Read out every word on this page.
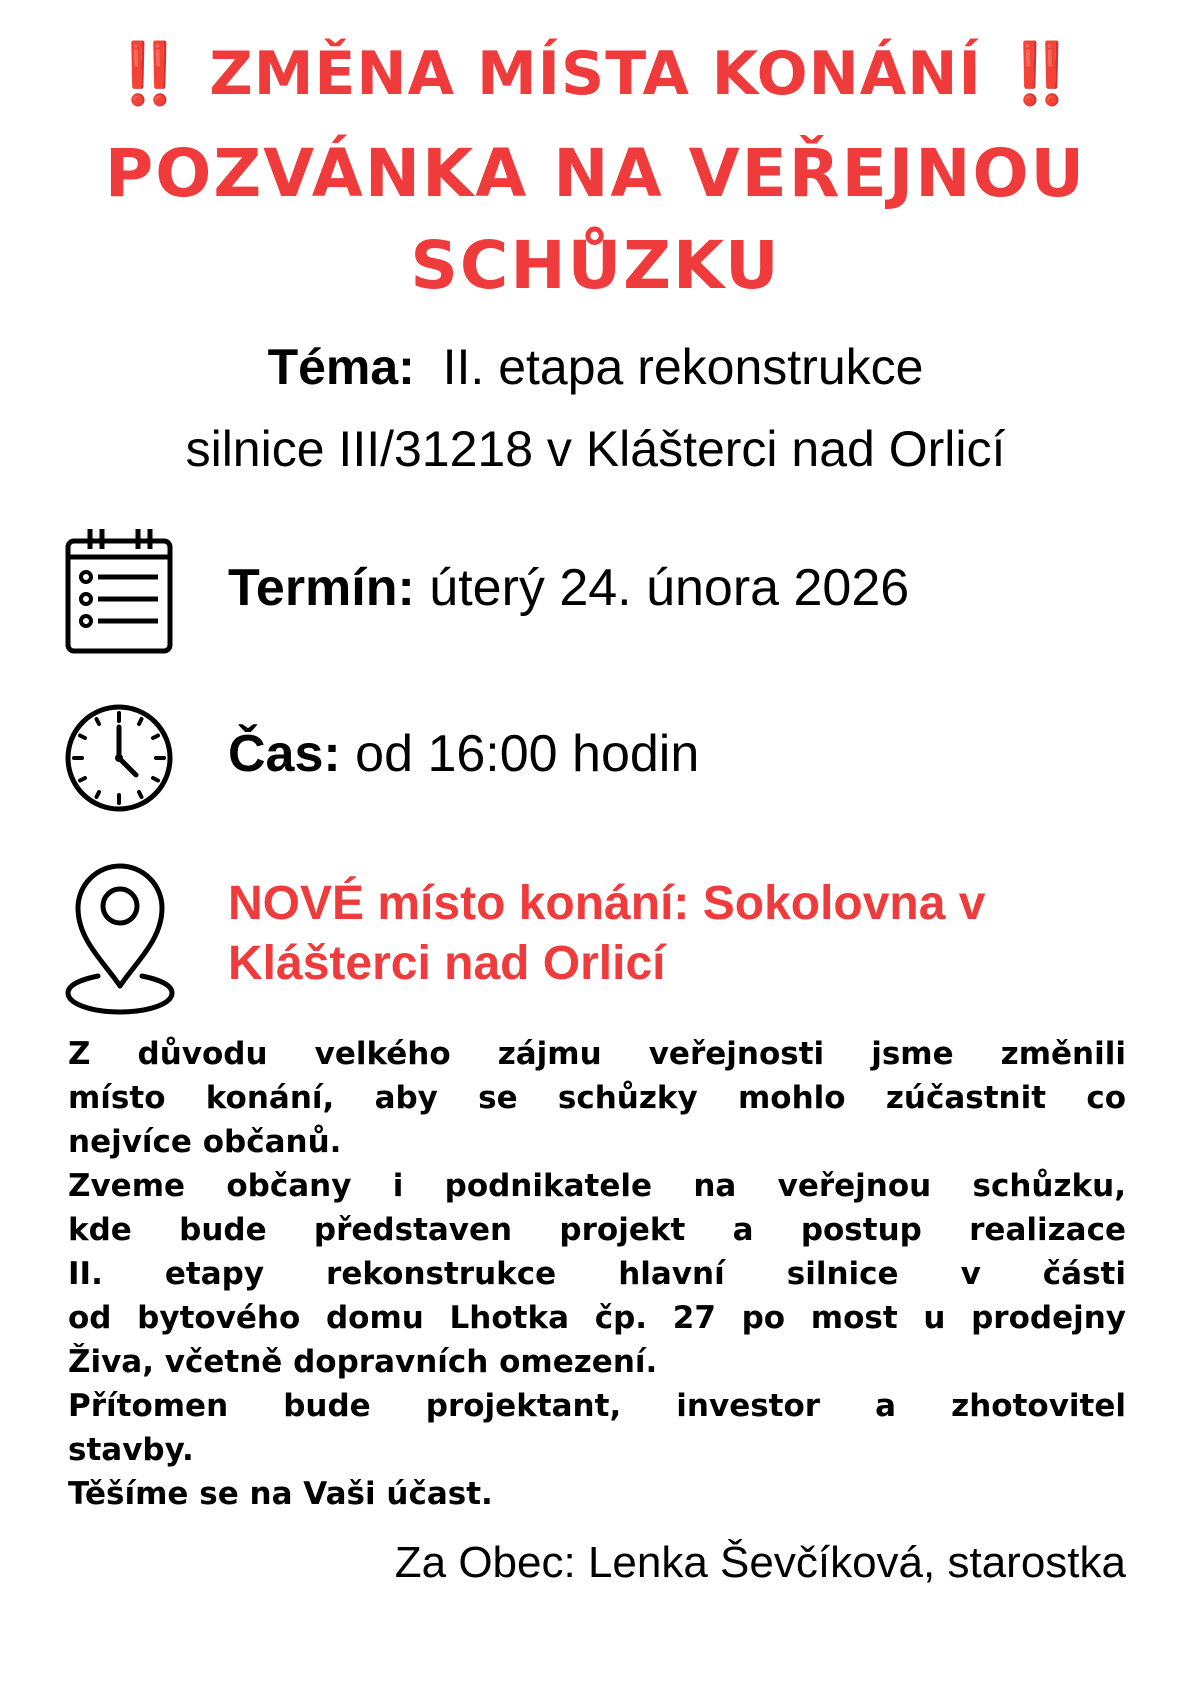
‼️ ZMĚNA MÍSTA KONÁNÍ ‼️
POZVÁNKA NA VEŘEJNOU
SCHŮZKU
Téma: II. etapa rekonstrukce
silnice III/31218 v Klášterci nad Orlicí
Termín: úterý 24. února 2026
Čas: od 16:00 hodin
NOVÉ místo konání: Sokolovna v
Klášterci nad Orlicí
Z důvodu velkého zájmu veřejnosti jsme změnili
místo konání, aby se schůzky mohlo zúčastnit co
nejvíce občanů.
Zveme občany i podnikatele na veřejnou schůzku,
kde bude představen projekt a postup realizace
II. etapy rekonstrukce hlavní silnice v části
od bytového domu Lhotka čp. 27 po most u prodejny
Živa, včetně dopravních omezení.
Přítomen bude projektant, investor a zhotovitel
stavby.
Těšíme se na Vaši účast.
Za Obec: Lenka Ševčíková, starostka
